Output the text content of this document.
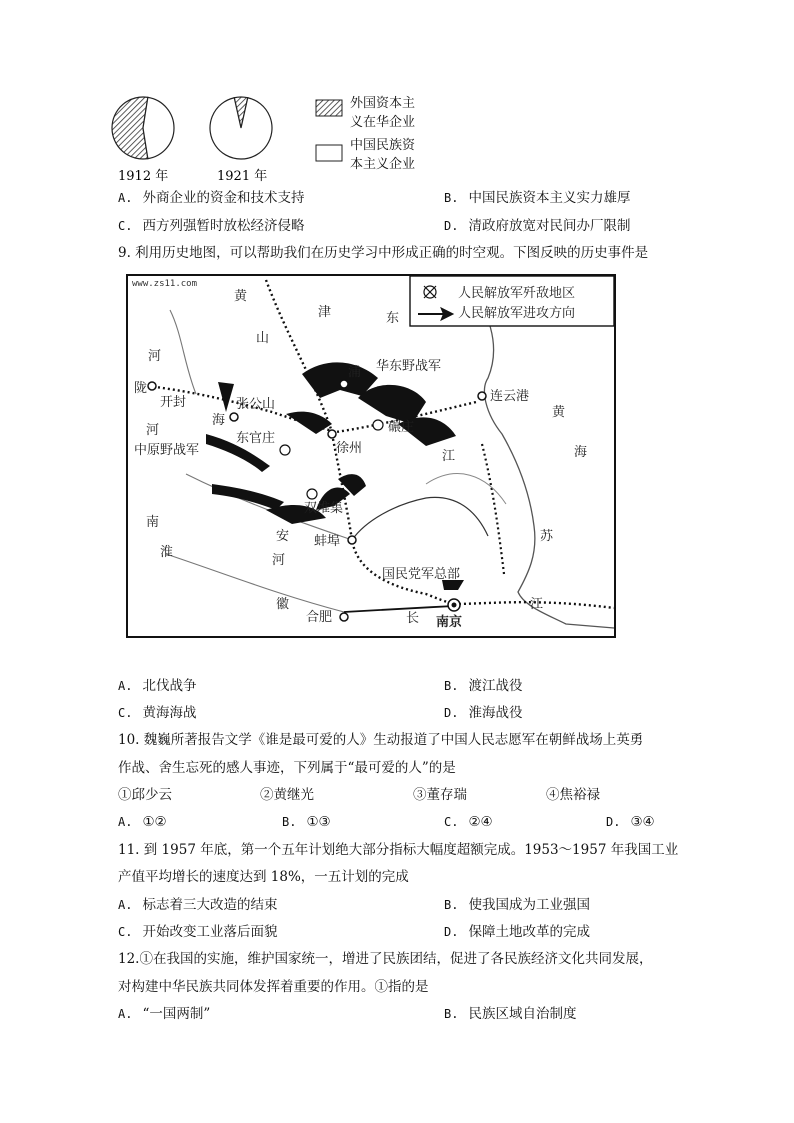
1912 年	1921 年
外国资本主
义在华企业
中国民族资
本主义企业
A. 外商企业的资金和技术支持	B. 中国民族资本主义实力雄厚
C. 西方列强暂时放松经济侵略	D. 清政府放宽对民间办厂限制
9. 利用历史地图，可以帮助我们在历史学习中形成正确的时空观。下图反映的历史事件是
人民解放军歼敌地区
人民解放军进攻方向
www.zs11.com
黄
山
津	东
浦 华东野战军
连云港
黄
海
开封
河
陇
海
河
张公山
东官庄
徐州
碾庄
中原野战军	江
双堆集
安
河
蚌埠
南
淮
苏
国民党军总部
徽
合肥	长 南京
江
A. 北伐战争	B. 渡江战役
C. 黄海海战	D. 淮海战役
10. 魏巍所著报告文学《谁是最可爱的人》生动报道了中国人民志愿军在朝鲜战场上英勇
作战、舍生忘死的感人事迹，下列属于“最可爱的人”的是
①邱少云	②黄继光	③董存瑞	④焦裕禄
A. ①②	B. ①③	C. ②④	D. ③④
11. 到 1957 年底，第一个五年计划绝大部分指标大幅度超额完成。1953～1957 年我国工业
产值平均增长的速度达到 18%，一五计划的完成
A. 标志着三大改造的结束	B. 使我国成为工业强国
C. 开始改变工业落后面貌	D. 保障土地改革的完成
12.①在我国的实施，维护国家统一，增进了民族团结，促进了各民族经济文化共同发展，
对构建中华民族共同体发挥着重要的作用。①指的是
A. “一国两制”	B. 民族区域自治制度
